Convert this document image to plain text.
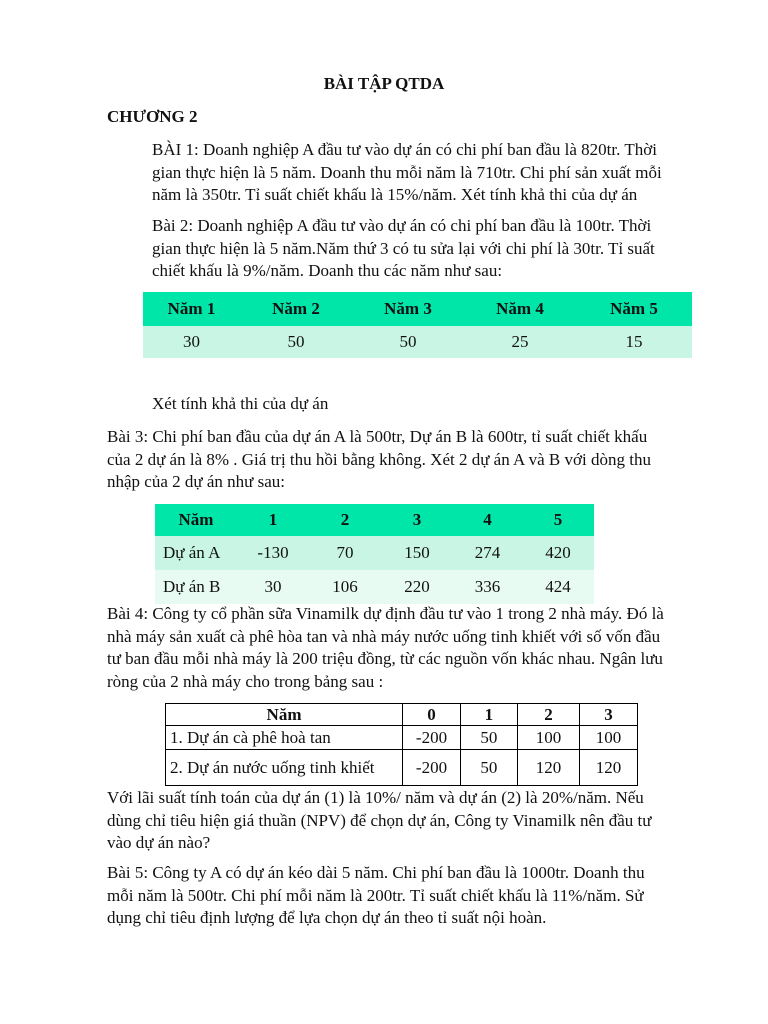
BÀI TẬP QTDA
CHƯƠNG 2
BÀI 1: Doanh nghiệp A đầu tư vào dự án có chi phí ban đầu là 820tr. Thời
gian thực hiện là 5 năm. Doanh thu mỗi năm là 710tr. Chi phí sản xuất mỗi
năm là 350tr. Tỉ suất chiết khấu là 15%/năm. Xét tính khả thi của dự án
Bài 2: Doanh nghiệp A đầu tư vào dự án có chi phí ban đầu là 100tr. Thời
gian thực hiện là 5 năm.Năm thứ 3 có tu sửa lại với chi phí là 30tr. Tỉ suất
chiết khấu là 9%/năm. Doanh thu các năm như sau:
Năm 1	Năm 2	Năm 3	Năm 4	Năm 5
30	50	50	25	15
Xét tính khả thi của dự án
Bài 3: Chi phí ban đầu của dự án A là 500tr, Dự án B là 600tr, tỉ suất chiết khấu
của 2 dự án là 8% . Giá trị thu hồi bằng không. Xét 2 dự án A và B với dòng thu
nhập của 2 dự án như sau:
Năm	1	2	3	4	5
Dự án A	-130	70	150	274	420
Dự án B	30	106	220	336	424
Bài 4: Công ty cổ phần sữa Vinamilk dự định đầu tư vào 1 trong 2 nhà máy. Đó là
nhà máy sản xuất cà phê hòa tan và nhà máy nước uống tinh khiết với số vốn đầu
tư ban đầu mỗi nhà máy là 200 triệu đồng, từ các nguồn vốn khác nhau. Ngân lưu
ròng của 2 nhà máy cho trong bảng sau :
Năm	0	1	2	3
1. Dự án cà phê hoà tan	-200	50	100	100
2. Dự án nước uống tinh khiết	-200	50	120	120
Với lãi suất tính toán của dự án (1) là 10%/ năm và dự án (2) là 20%/năm. Nếu
dùng chỉ tiêu hiện giá thuần (NPV) để chọn dự án, Công ty Vinamilk nên đầu tư
vào dự án nào?
Bài 5: Công ty A có dự án kéo dài 5 năm. Chi phí ban đầu là 1000tr. Doanh thu
mỗi năm là 500tr. Chi phí mỗi năm là 200tr. Tỉ suất chiết khấu là 11%/năm. Sử
dụng chỉ tiêu định lượng để lựa chọn dự án theo tỉ suất nội hoàn.
